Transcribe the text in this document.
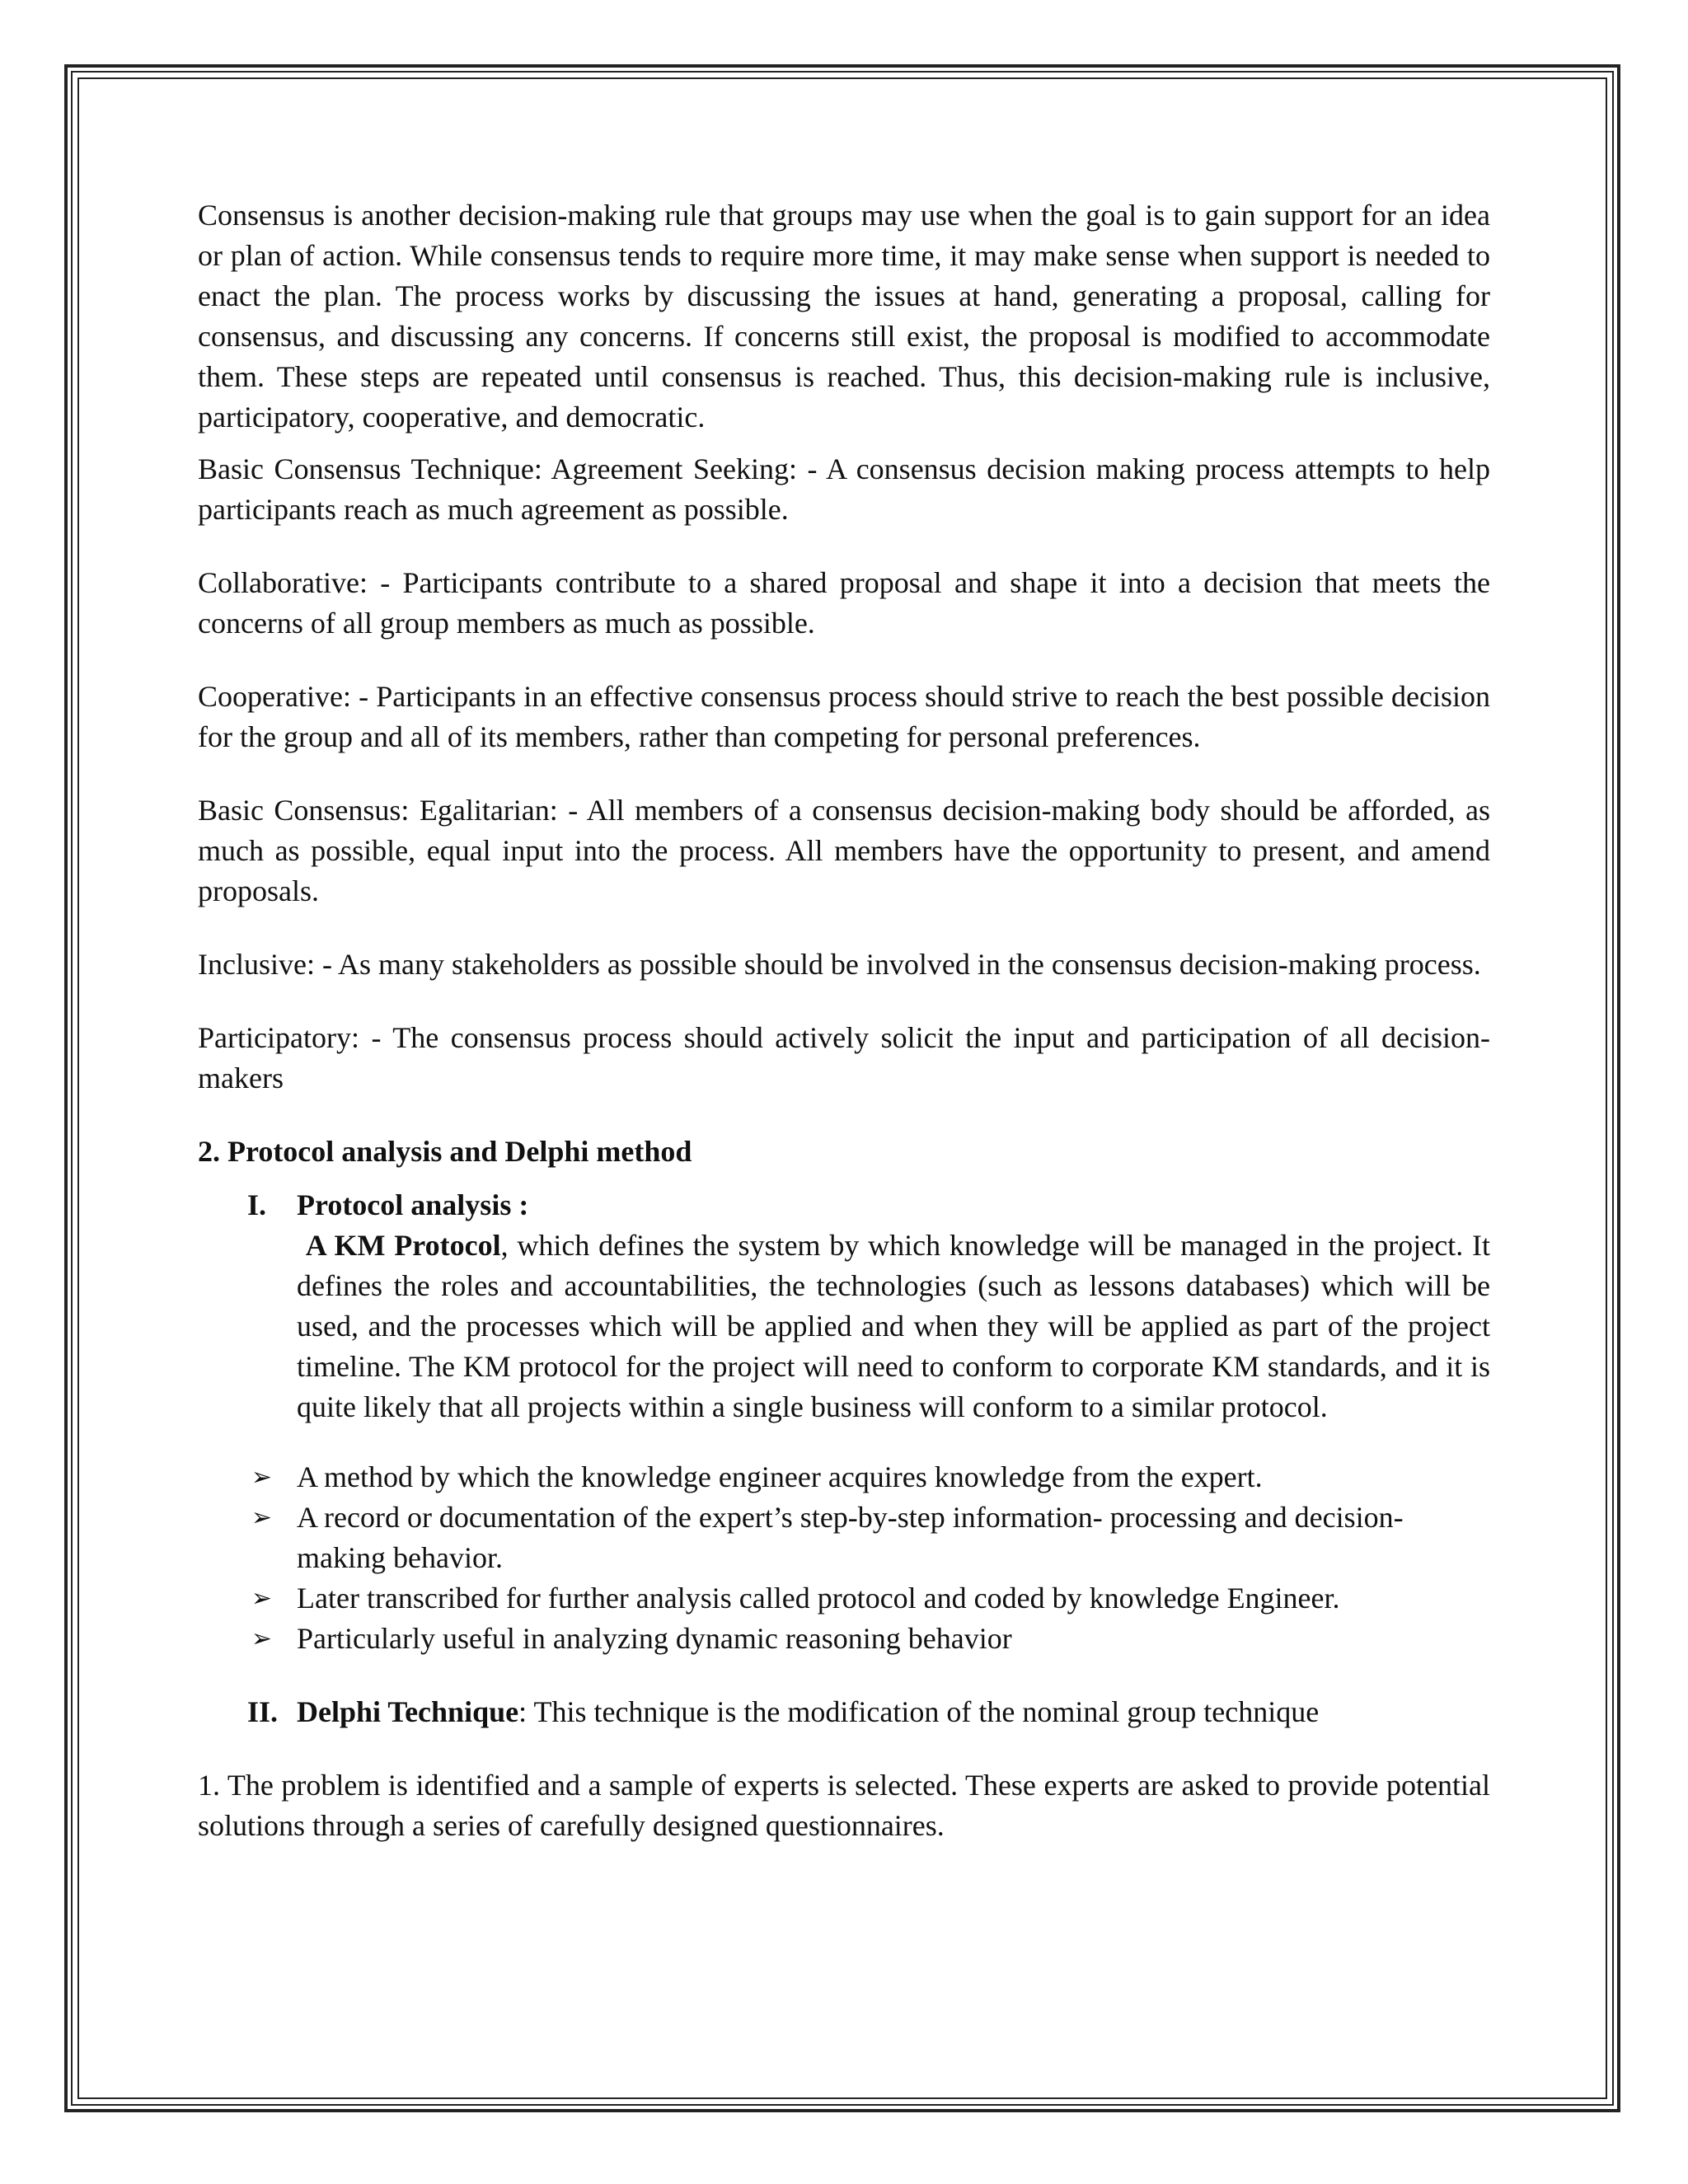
Consensus is another decision-making rule that groups may use when the goal is to gain support for an idea or plan of action. While consensus tends to require more time, it may make sense when support is needed to enact the plan. The process works by discussing the issues at hand, generating a proposal, calling for consensus, and discussing any concerns. If concerns still exist, the proposal is modified to accommodate them. These steps are repeated until consensus is reached. Thus, this decision-making rule is inclusive, participatory, cooperative, and democratic.

Basic Consensus Technique: Agreement Seeking: - A consensus decision making process attempts to help participants reach as much agreement as possible.

Collaborative: - Participants contribute to a shared proposal and shape it into a decision that meets the concerns of all group members as much as possible.

Cooperative: - Participants in an effective consensus process should strive to reach the best possible decision for the group and all of its members, rather than competing for personal preferences.

Basic Consensus: Egalitarian: - All members of a consensus decision-making body should be afforded, as much as possible, equal input into the process. All members have the opportunity to present, and amend proposals.

Inclusive: - As many stakeholders as possible should be involved in the consensus decision-making process.

Participatory: - The consensus process should actively solicit the input and participation of all decision-makers

2. Protocol analysis and Delphi method

I.	Protocol analysis :

A KM Protocol, which defines the system by which knowledge will be managed in the project. It defines the roles and accountabilities, the technologies (such as lessons databases) which will be used, and the processes which will be applied and when they will be applied as part of the project timeline. The KM protocol for the project will need to conform to corporate KM standards, and it is quite likely that all projects within a single business will conform to a similar protocol.

➢ A method by which the knowledge engineer acquires knowledge from the expert.
➢ A record or documentation of the expert’s step-by-step information- processing and decision-making behavior.
➢ Later transcribed for further analysis called protocol and coded by knowledge Engineer.
➢ Particularly useful in analyzing dynamic reasoning behavior
II. Delphi Technique: This technique is the modification of the nominal group technique

1. The problem is identified and a sample of experts is selected. These experts are asked to provide potential solutions through a series of carefully designed questionnaires.
